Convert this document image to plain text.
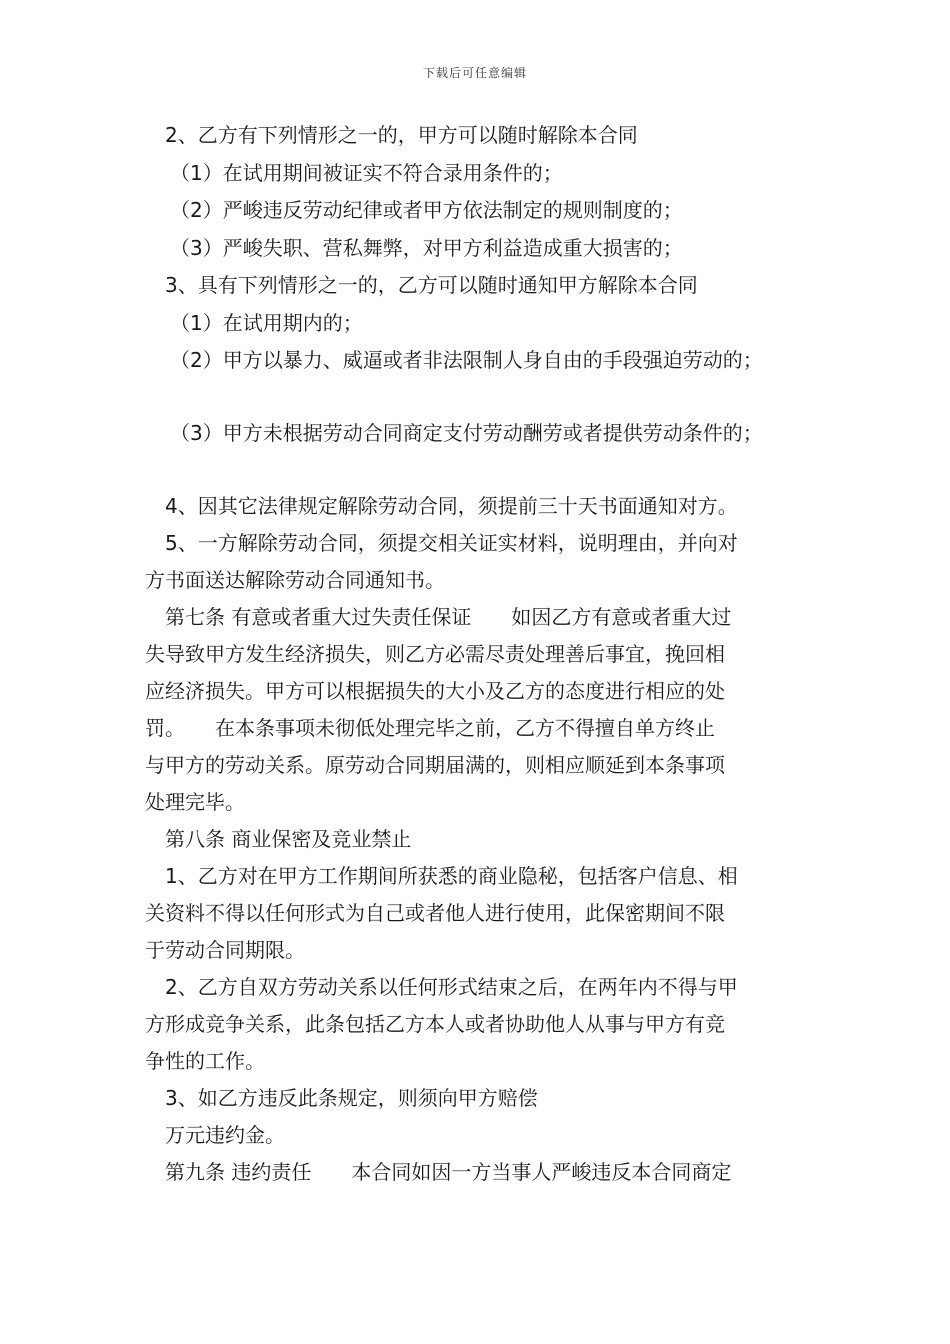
下载后可任意编辑
2、乙方有下列情形之一的，甲方可以随时解除本合同
（1）在试用期间被证实不符合录用条件的；
（2）严峻违反劳动纪律或者甲方依法制定的规则制度的；
（3）严峻失职、营私舞弊，对甲方利益造成重大损害的；
3、具有下列情形之一的，乙方可以随时通知甲方解除本合同
（1）在试用期内的；
（2）甲方以暴力、威逼或者非法限制人身自由的手段强迫劳动的；
（3）甲方未根据劳动合同商定支付劳动酬劳或者提供劳动条件的；
4、因其它法律规定解除劳动合同，须提前三十天书面通知对方。
5、一方解除劳动合同，须提交相关证实材料，说明理由，并向对
方书面送达解除劳动合同通知书。
第七条 有意或者重大过失责任保证　　如因乙方有意或者重大过
失导致甲方发生经济损失，则乙方必需尽责处理善后事宜，挽回相
应经济损失。甲方可以根据损失的大小及乙方的态度进行相应的处
罚。　　在本条事项未彻低处理完毕之前，乙方不得擅自单方终止
与甲方的劳动关系。原劳动合同期届满的，则相应顺延到本条事项
处理完毕。
第八条 商业保密及竞业禁止
1、乙方对在甲方工作期间所获悉的商业隐秘，包括客户信息、相
关资料不得以任何形式为自己或者他人进行使用，此保密期间不限
于劳动合同期限。
2、乙方自双方劳动关系以任何形式结束之后，在两年内不得与甲
方形成竞争关系，此条包括乙方本人或者协助他人从事与甲方有竞
争性的工作。
3、如乙方违反此条规定，则须向甲方赔偿
万元违约金。
第九条 违约责任　　本合同如因一方当事人严峻违反本合同商定
